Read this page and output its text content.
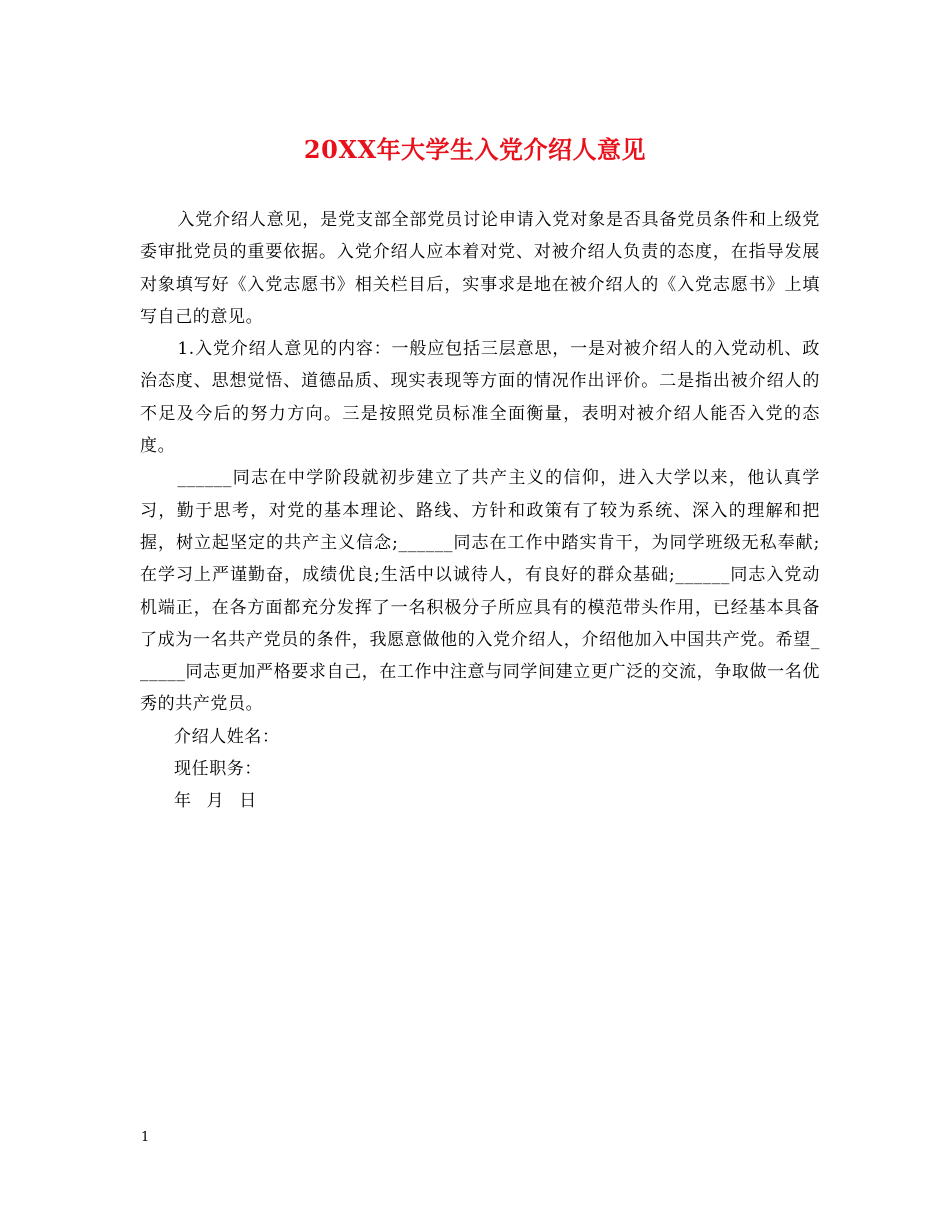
20XX年大学生入党介绍人意见

入党介绍人意见，是党支部全部党员讨论申请入党对象是否具备党员条件和上级党委审批党员的重要依据。入党介绍人应本着对党、对被介绍人负责的态度，在指导发展对象填写好《入党志愿书》相关栏目后，实事求是地在被介绍人的《入党志愿书》上填写自己的意见。

1.入党介绍人意见的内容：一般应包括三层意思，一是对被介绍人的入党动机、政治态度、思想觉悟、道德品质、现实表现等方面的情况作出评价。二是指出被介绍人的不足及今后的努力方向。三是按照党员标准全面衡量，表明对被介绍人能否入党的态度。

______同志在中学阶段就初步建立了共产主义的信仰，进入大学以来，他认真学习，勤于思考，对党的基本理论、路线、方针和政策有了较为系统、深入的理解和把握，树立起坚定的共产主义信念;______同志在工作中踏实肯干，为同学班级无私奉献;在学习上严谨勤奋，成绩优良;生活中以诚待人，有良好的群众基础;______同志入党动机端正，在各方面都充分发挥了一名积极分子所应具有的模范带头作用，已经基本具备了成为一名共产党员的条件，我愿意做他的入党介绍人，介绍他加入中国共产党。希望______同志更加严格要求自己，在工作中注意与同学间建立更广泛的交流，争取做一名优秀的共产党员。

介绍人姓名：
现任职务：
年 月 日
1
